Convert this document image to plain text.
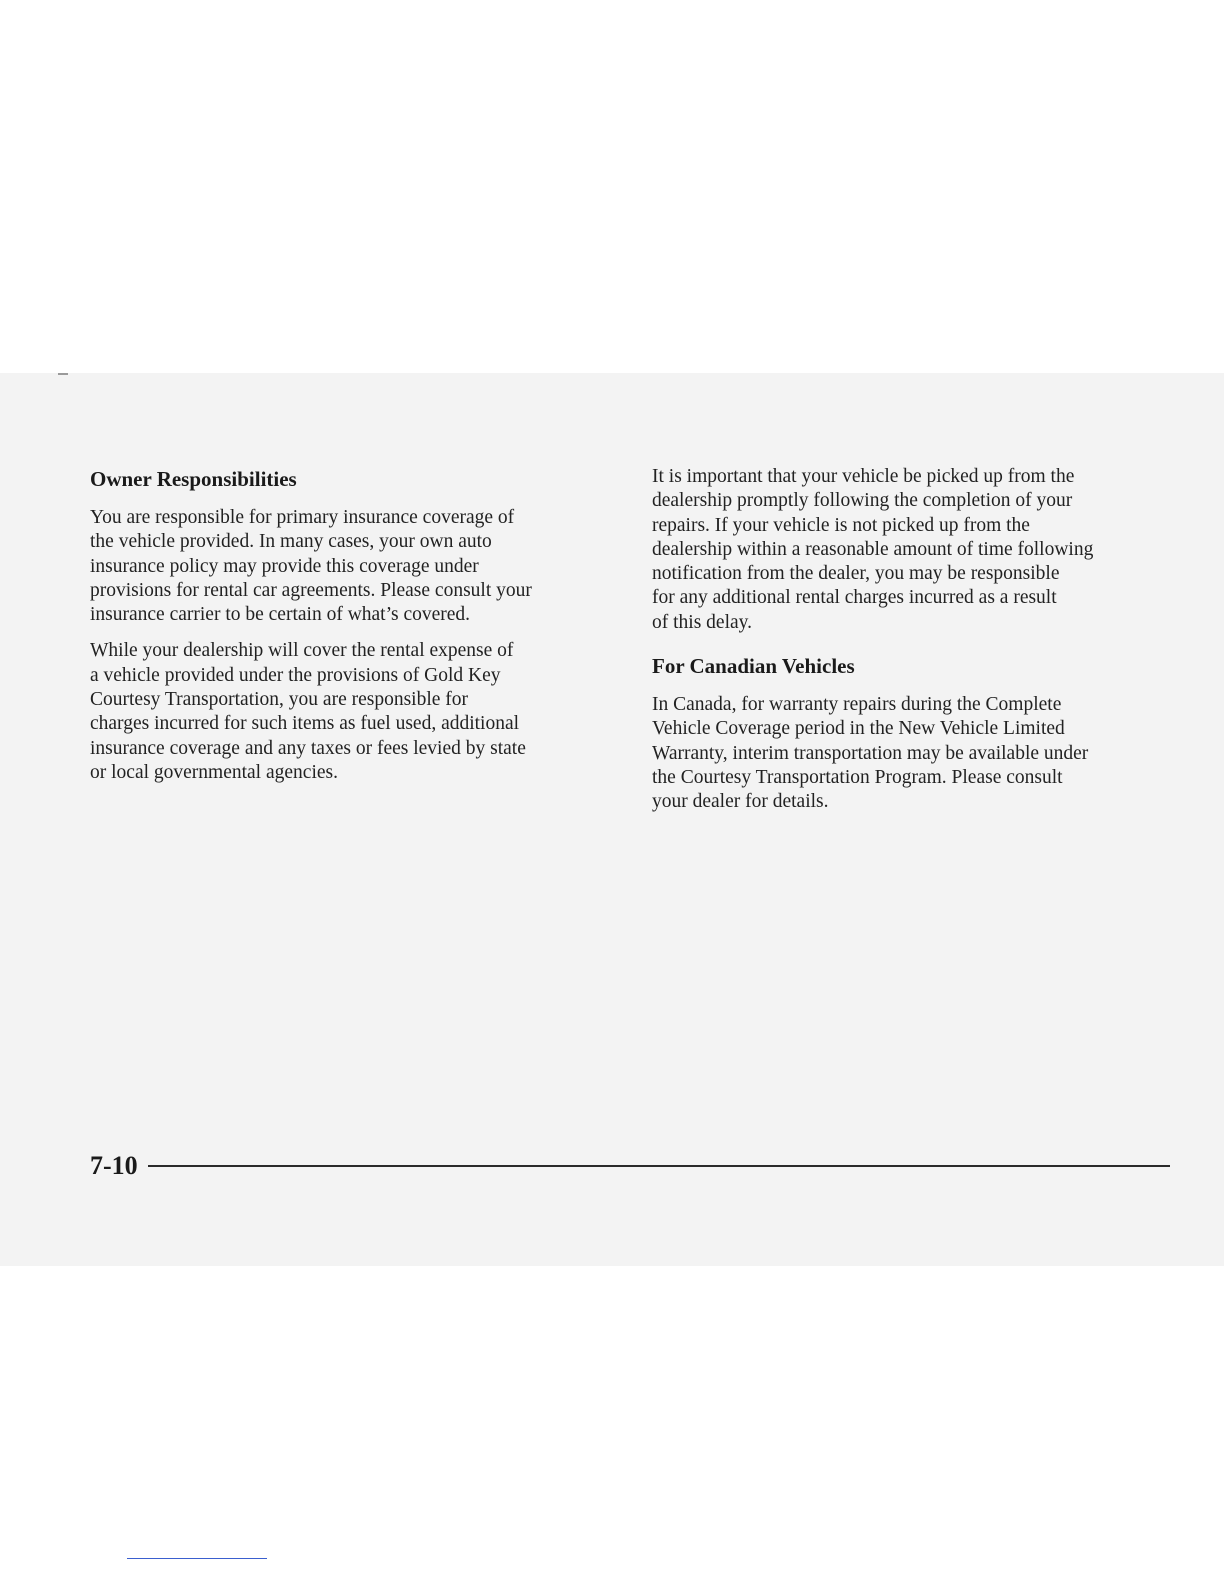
Owner Responsibilities

You are responsible for primary insurance coverage of
the vehicle provided. In many cases, your own auto
insurance policy may provide this coverage under
provisions for rental car agreements. Please consult your
insurance carrier to be certain of what’s covered.

While your dealership will cover the rental expense of
a vehicle provided under the provisions of Gold Key
Courtesy Transportation, you are responsible for
charges incurred for such items as fuel used, additional
insurance coverage and any taxes or fees levied by state
or local governmental agencies.

It is important that your vehicle be picked up from the
dealership promptly following the completion of your
repairs. If your vehicle is not picked up from the
dealership within a reasonable amount of time following
notification from the dealer, you may be responsible
for any additional rental charges incurred as a result
of this delay.

For Canadian Vehicles

In Canada, for warranty repairs during the Complete
Vehicle Coverage period in the New Vehicle Limited
Warranty, interim transportation may be available under
the Courtesy Transportation Program. Please consult
your dealer for details.

7-10
